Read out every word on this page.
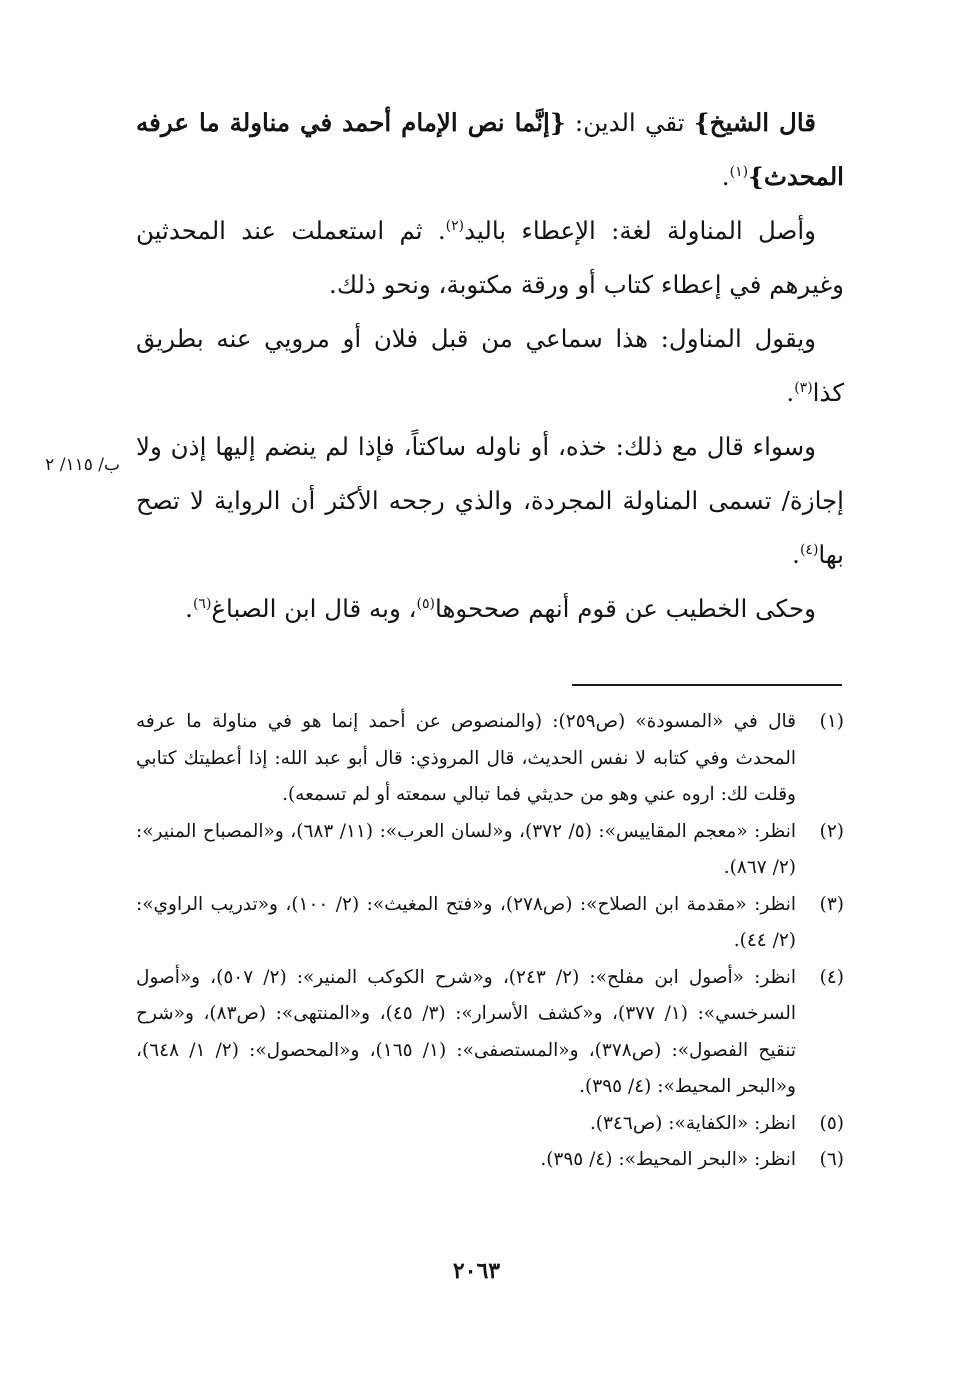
قال الشيخ} تقي الدين: {إنَّما نص الإمام أحمد في مناولة ما عرفه المحدث}$^{(١)}$.

وأصل المناولة لغة: الإعطاء باليد$^{(٢)}$. ثم استعملت عند المحدثين وغيرهم في إعطاء كتاب أو ورقة مكتوبة، ونحو ذلك.

ويقول المناول: هذا سماعي من قبل فلان أو مرويي عنه بطريق كذا$^{(٣)}$.

وسواء قال مع ذلك: خذه، أو ناوله ساكتاً، فإذا لم ينضم إليها إذن ولا إجازة/ تسمى المناولة المجردة، والذي رجحه الأكثر أن الرواية لا تصح بها$^{(٤)}$.

وحكى الخطيب عن قوم أنهم صححوها$^{(٥)}$، وبه قال ابن الصباغ$^{(٦)}$.

ب/ ١١٥/ ٢
(١)
قال في «المسودة» (ص٢٥٩): (والمنصوص عن أحمد إنما هو في مناولة ما عرفه المحدث وفي كتابه لا نفس الحديث، قال المروذي: قال أبو عبد الله: إذا أعطيتك كتابي وقلت لك: اروه عني وهو من حديثي فما تبالي سمعته أو لم تسمعه).
(٢)
انظر: «معجم المقاييس»: (٥/ ٣٧٢)، و«لسان العرب»: (١١/ ٦٨٣)، و«المصباح المنير»: (٢/ ٨٦٧).
(٣)
انظر: «مقدمة ابن الصلاح»: (ص٢٧٨)، و«فتح المغيث»: (٢/ ١٠٠)، و«تدريب الراوي»: (٢/ ٤٤).
(٤)
انظر: «أصول ابن مفلح»: (٢/ ٢٤٣)، و«شرح الكوكب المنير»: (٢/ ٥٠٧)، و«أصول السرخسي»: (١/ ٣٧٧)، و«كشف الأسرار»: (٣/ ٤٥)، و«المنتهى»: (ص٨٣)، و«شرح تنقيح الفصول»: (ص٣٧٨)، و«المستصفى»: (١/ ١٦٥)، و«المحصول»: (٢/ ١/ ٦٤٨)، و«البحر المحيط»: (٤/ ٣٩٥).
(٥)
انظر: «الكفاية»: (ص٣٤٦).
(٦)
انظر: «البحر المحيط»: (٤/ ٣٩٥).
٢٠٦٣
